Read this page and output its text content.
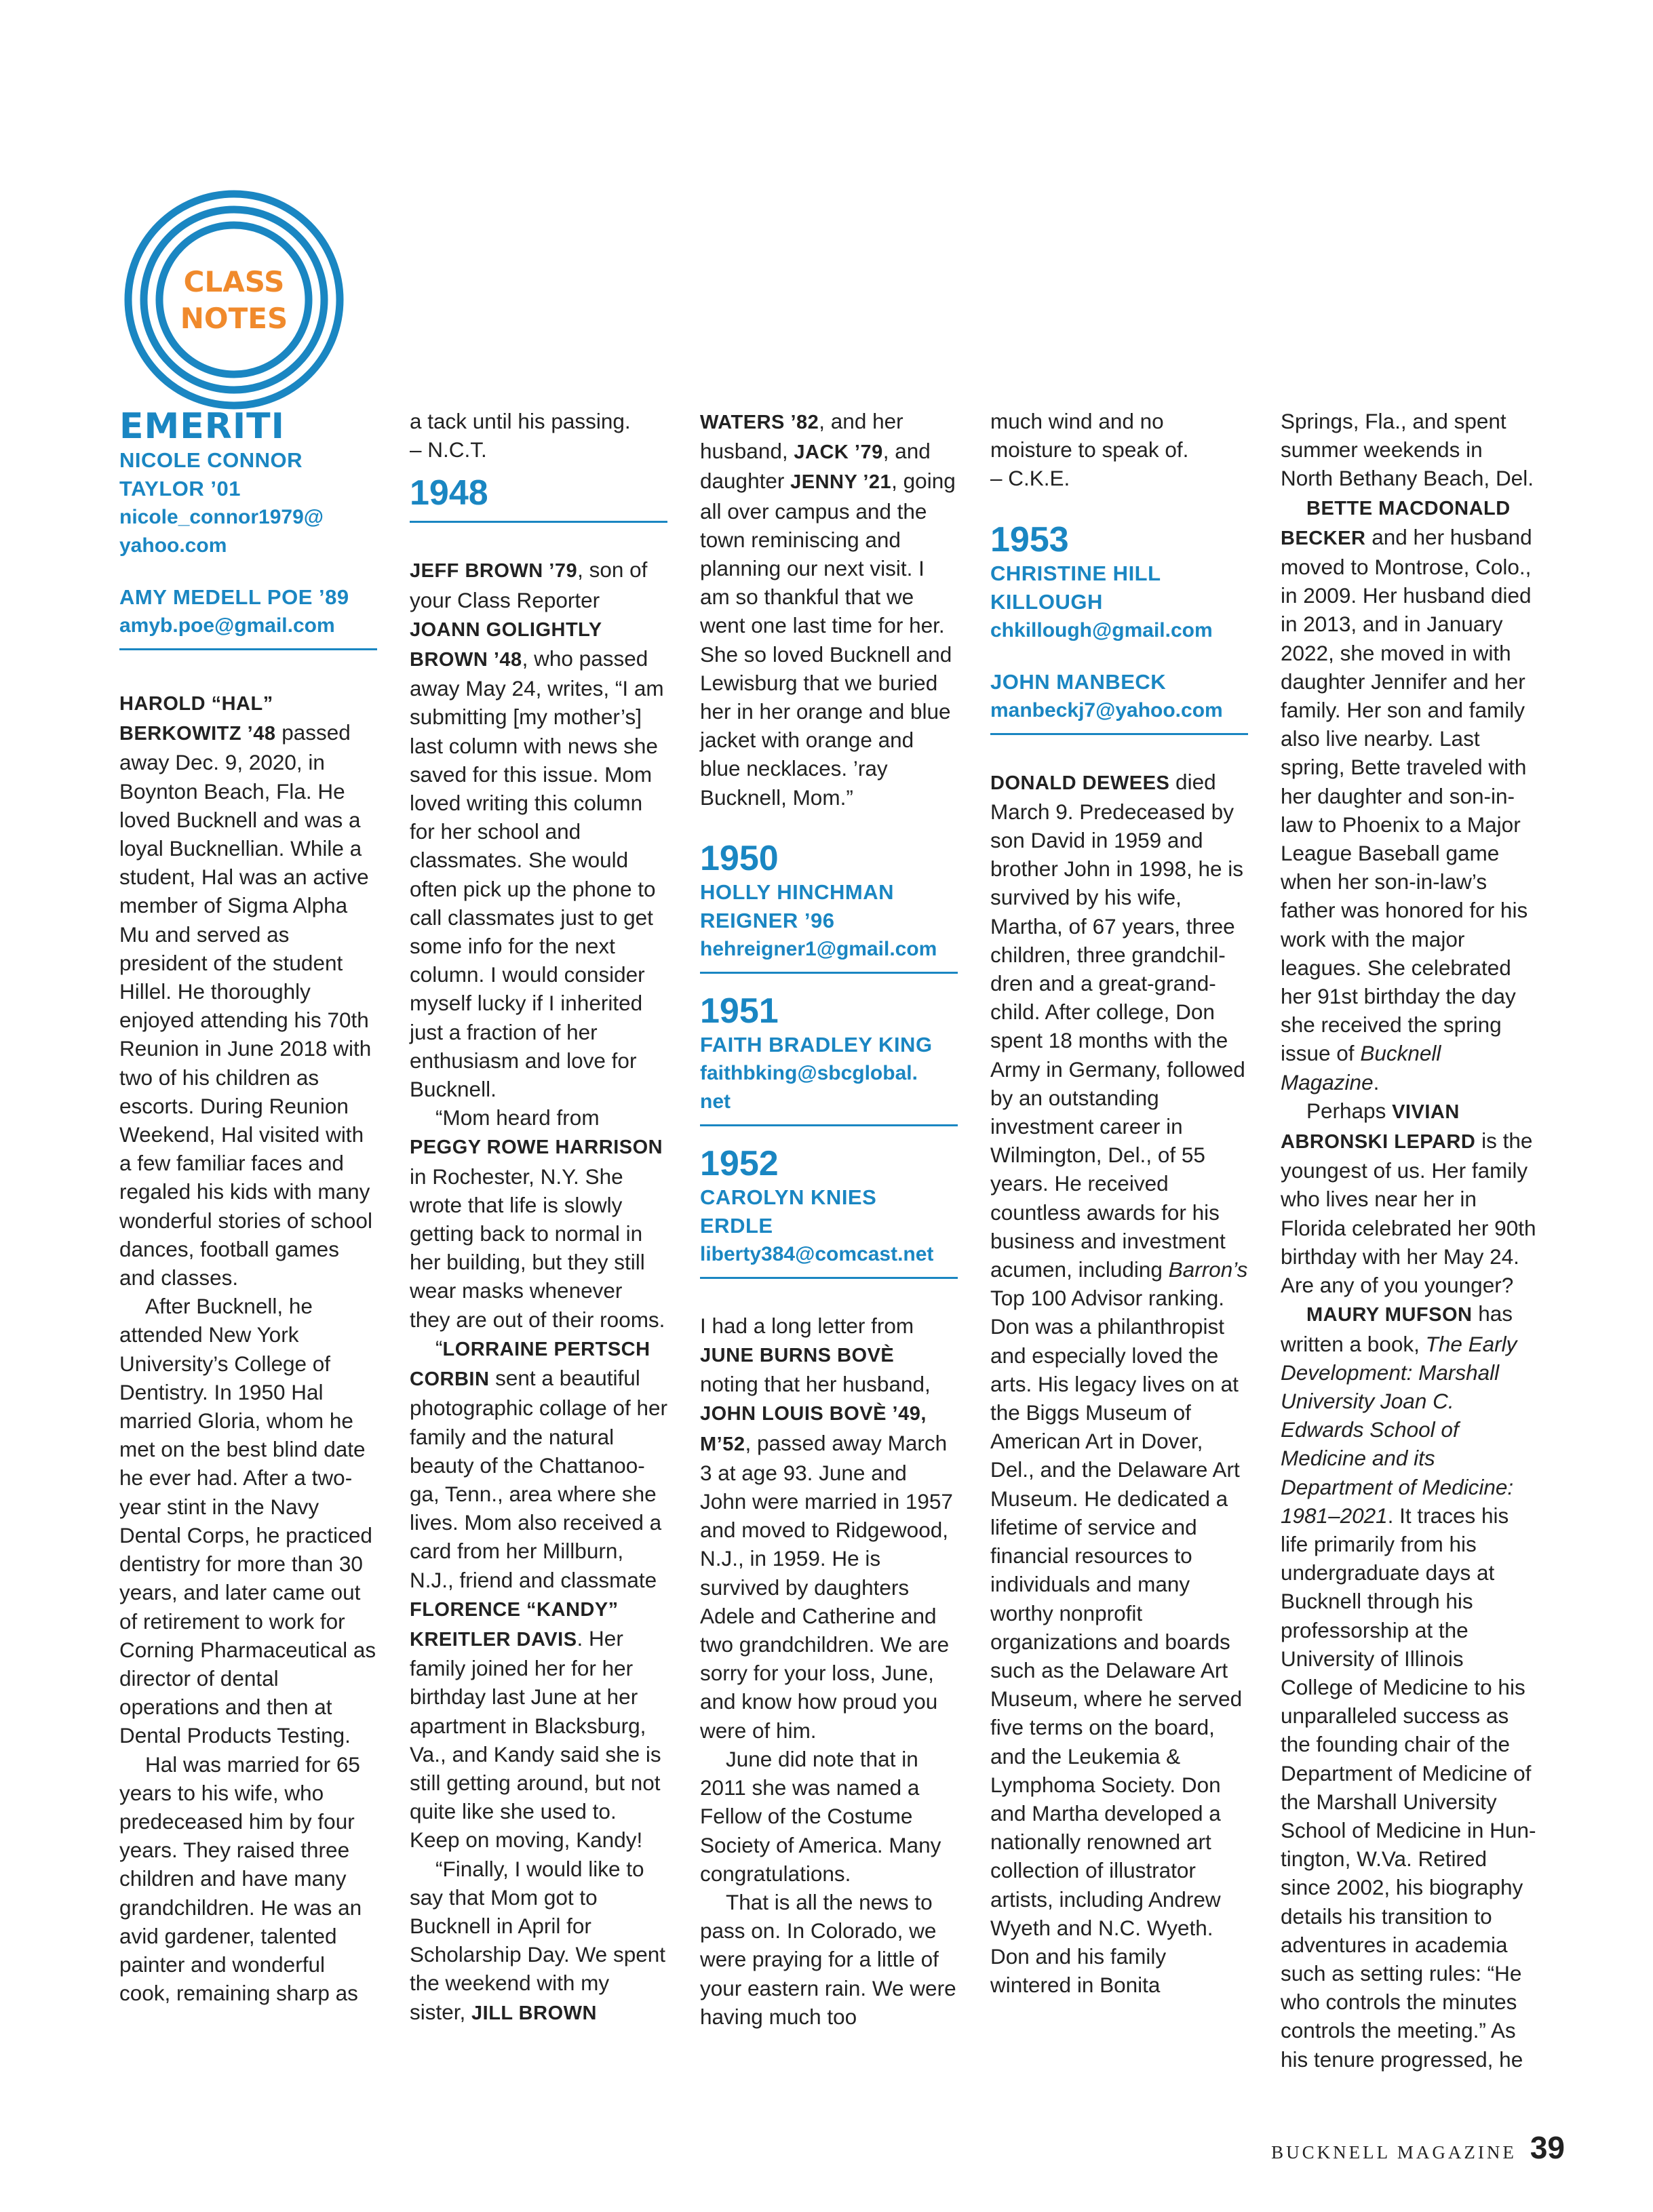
CLASS
NOTES
EMERITI

NICOLE CONNOR
TAYLOR ’01

nicole_connor1979@
yahoo.com

AMY MEDELL POE ’89

amyb.poe@gmail.com

HAROLD “HAL” BERKOWITZ ’48 passed away Dec. 9, 2020, in Boynton Beach, Fla. He loved Bucknell and was a loyal Bucknellian. While a student, Hal was an active member of Sigma Alpha Mu and served as president of the student Hillel. He thoroughly enjoyed attending his 70th Reunion in June 2018 with two of his children as escorts. During Reunion Weekend, Hal visited with a few familiar faces and regaled his kids with many wonderful stories of school dances, football games and classes.

After Bucknell, he attended New York University’s College of Dentistry. In 1950 Hal married Gloria, whom he met on the best blind date he ever had. After a two-year stint in the Navy Dental Corps, he practiced dentistry for more than 30 years, and later came out of retirement to work for Corning Pharmaceutical as director of dental operations and then at Dental Products Testing.

Hal was married for 65 years to his wife, who predeceased him by four years. They raised three children and have many grandchildren. He was an avid gardener, talented painter and wonderful cook, remaining sharp as

a tack until his passing.
– N.C.T.

1948

JEFF BROWN ’79, son of your Class Reporter JOANN GOLIGHTLY BROWN ’48, who passed away May 24, writes, “I am submitting [my mother’s] last column with news she saved for this issue. Mom loved writing this column for her school and classmates. She would often pick up the phone to call classmates just to get some info for the next column. I would consider myself lucky if I inherited just a fraction of her enthusiasm and love for Bucknell.

“Mom heard from PEGGY ROWE HARRISON in Rochester, N.Y. She wrote that life is slowly getting back to normal in her building, but they still wear masks whenever they are out of their rooms.

“LORRAINE PERTSCH CORBIN sent a beautiful photographic collage of her family and the natural beauty of the Chattanooga, Tenn., area where she lives. Mom also received a card from her Millburn, N.J., friend and classmate FLORENCE “KANDY” KREITLER DAVIS. Her family joined her for her birthday last June at her apartment in Blacksburg, Va., and Kandy said she is still getting around, but not quite like she used to. Keep on moving, Kandy!

“Finally, I would like to say that Mom got to Bucknell in April for Scholarship Day. We spent the weekend with my sister, JILL BROWN

WATERS ’82, and her husband, JACK ’79, and daughter JENNY ’21, going all over campus and the town reminiscing and planning our next visit. I am so thankful that we went one last time for her. She so loved Bucknell and Lewisburg that we buried her in her orange and blue jacket with orange and blue necklaces. ’ray Bucknell, Mom.”

1950

HOLLY HINCHMAN
REIGNER ’96

hehreigner1@gmail.com

1951

FAITH BRADLEY KING

faithbking@sbcglobal.
net

1952

CAROLYN KNIES
ERDLE

liberty384@comcast.net

I had a long letter from JUNE BURNS BOVÈ noting that her husband, JOHN LOUIS BOVÈ ’49, M’52, passed away March 3 at age 93. June and John were married in 1957 and moved to Ridgewood, N.J., in 1959. He is survived by daughters Adele and Catherine and two grandchildren. We are sorry for your loss, June, and know how proud you were of him.

June did note that in 2011 she was named a Fellow of the Costume Society of America. Many congratulations.

That is all the news to pass on. In Colorado, we were praying for a little of your eastern rain. We were having much too

much wind and no moisture to speak of.
– C.K.E.

1953

CHRISTINE HILL
KILLOUGH

chkillough@gmail.com

JOHN MANBECK

manbeckj7@yahoo.com

DONALD DEWEES died March 9. Predeceased by son David in 1959 and brother John in 1998, he is survived by his wife, Martha, of 67 years, three children, three grandchildren and a great-grandchild. After college, Don spent 18 months with the Army in Germany, followed by an outstanding investment career in Wilmington, Del., of 55 years. He received countless awards for his business and investment acumen, including Barron’s Top 100 Advisor ranking. Don was a philanthropist and especially loved the arts. His legacy lives on at the Biggs Museum of American Art in Dover, Del., and the Delaware Art Museum. He dedicated a lifetime of service and financial resources to individuals and many worthy nonprofit organizations and boards such as the Delaware Art Museum, where he served five terms on the board, and the Leukemia & Lymphoma Society. Don and Martha developed a nationally renowned art collection of illustrator artists, including Andrew Wyeth and N.C. Wyeth. Don and his family wintered in Bonita

Springs, Fla., and spent summer weekends in North Bethany Beach, Del.

BETTE MACDONALD BECKER and her husband moved to Montrose, Colo., in 2009. Her husband died in 2013, and in January 2022, she moved in with daughter Jennifer and her family. Her son and family also live nearby. Last spring, Bette traveled with her daughter and son-in-law to Phoenix to a Major League Baseball game when her son-in-law’s father was honored for his work with the major leagues. She celebrated her 91st birthday the day she received the spring issue of Bucknell Magazine.

Perhaps VIVIAN ABRONSKI LEPARD is the youngest of us. Her family who lives near her in Florida celebrated her 90th birthday with her May 24. Are any of you younger?

MAURY MUFSON has written a book, The Early Development: Marshall University Joan C. Edwards School of Medicine and its Department of Medicine: 1981–2021. It traces his life primarily from his undergraduate days at Bucknell through his professorship at the University of Illinois College of Medicine to his unparalleled success as the founding chair of the Department of Medicine of the Marshall University School of Medicine in Huntington, W.Va. Retired since 2002, his biography details his transition to adventures in academia such as setting rules: “He who controls the minutes controls the meeting.” As his tenure progressed, he

BUCKNELL MAGAZINE 39
